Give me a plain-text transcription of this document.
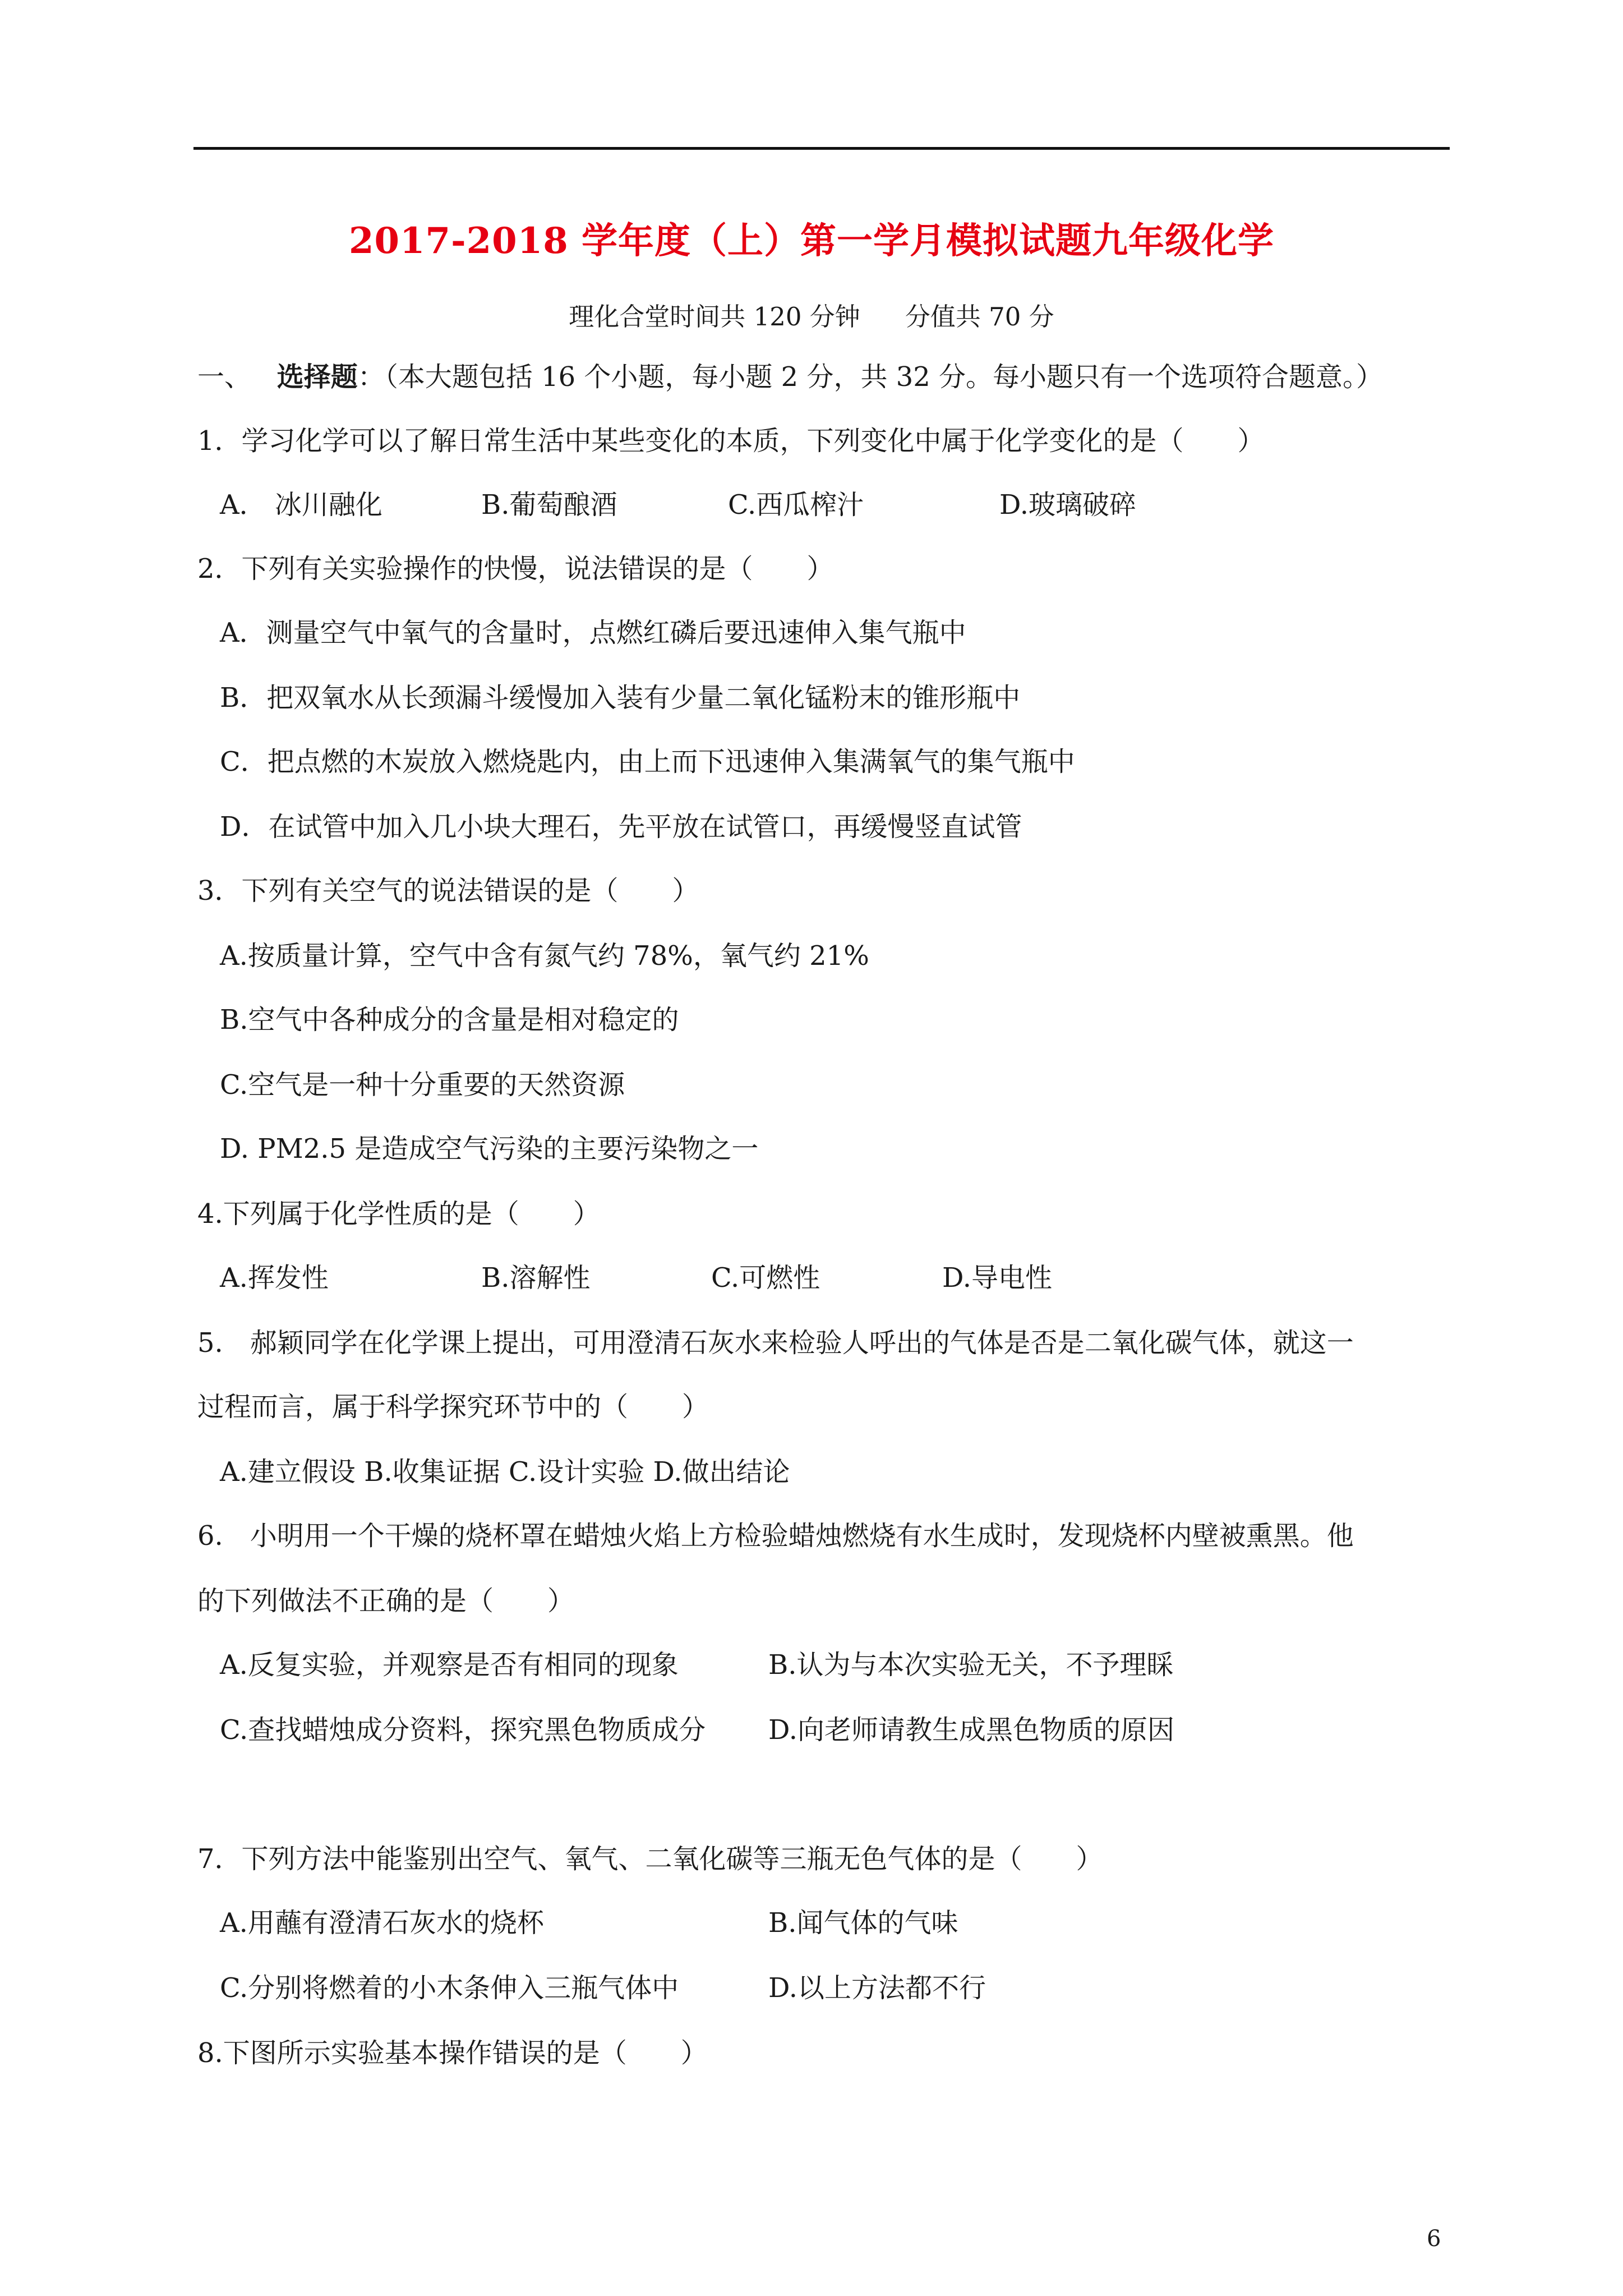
2017-2018 学年度（上）第一学月模拟试题九年级化学
理化合堂时间共 120 分钟 分值共 70 分
一、 选择题：（本大题包括 16 个小题，每小题 2 分，共 32 分。每小题只有一个选项符合题意。）
1．学习化学可以了解日常生活中某些变化的本质，下列变化中属于化学变化的是（　　）
A． 冰川融化	B.葡萄酿酒	C.西瓜榨汁	D.玻璃破碎
2．下列有关实验操作的快慢，说法错误的是（　　）
A．测量空气中氧气的含量时，点燃红磷后要迅速伸入集气瓶中
B．把双氧水从长颈漏斗缓慢加入装有少量二氧化锰粉末的锥形瓶中
C．把点燃的木炭放入燃烧匙内，由上而下迅速伸入集满氧气的集气瓶中
D．在试管中加入几小块大理石，先平放在试管口，再缓慢竖直试管
3．下列有关空气的说法错误的是（　　）
A.按质量计算，空气中含有氮气约 78%，氧气约 21%
B.空气中各种成分的含量是相对稳定的
C.空气是一种十分重要的天然资源
D. PM2.5 是造成空气污染的主要污染物之一
4.下列属于化学性质的是（　　）
A.挥发性	B.溶解性	C.可燃性	D.导电性
5.　郝颖同学在化学课上提出，可用澄清石灰水来检验人呼出的气体是否是二氧化碳气体，就这一
过程而言，属于科学探究环节中的（　　）
A.建立假设 B.收集证据 C.设计实验 D.做出结论
6.　小明用一个干燥的烧杯罩在蜡烛火焰上方检验蜡烛燃烧有水生成时，发现烧杯内壁被熏黑。他
的下列做法不正确的是（　　）
A.反复实验，并观察是否有相同的现象	B.认为与本次实验无关，不予理睬
C.查找蜡烛成分资料，探究黑色物质成分 D.向老师请教生成黑色物质的原因
7．下列方法中能鉴别出空气、氧气、二氧化碳等三瓶无色气体的是（　　）
A.用蘸有澄清石灰水的烧杯	B.闻气体的气味
C.分别将燃着的小木条伸入三瓶气体中	D.以上方法都不行
8.下图所示实验基本操作错误的是（　　）
6
